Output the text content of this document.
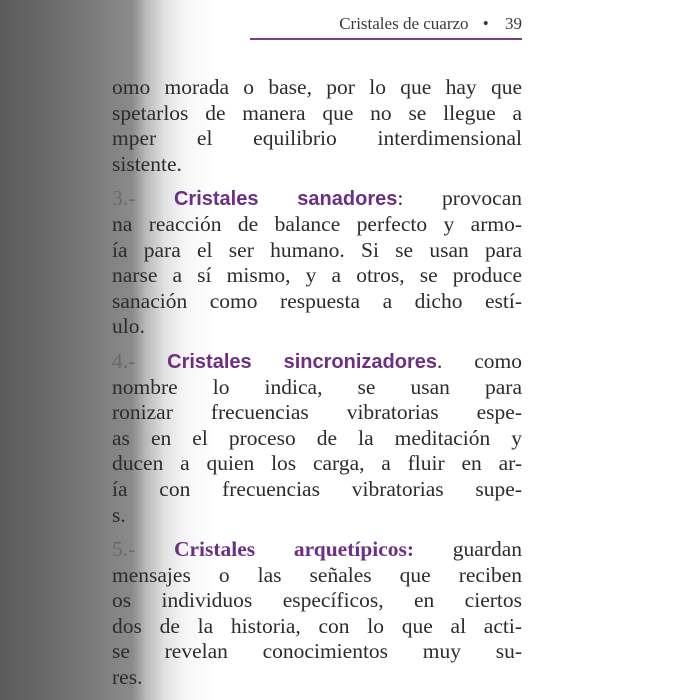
Cristales de cuarzo • 39
omo morada o base, por lo que hay que
spetarlos de manera que no se llegue a
mper el equilibrio interdimensional
sistente.
3.- Cristales sanadores: provocan
na reacción de balance perfecto y armo-
ía para el ser humano. Si se usan para
narse a sí mismo, y a otros, se produce
sanación como respuesta a dicho estí-
ulo.
4.- Cristales sincronizadores. como
nombre lo indica, se usan para
ronizar frecuencias vibratorias espe-
as en el proceso de la meditación y
ducen a quien los carga, a fluir en ar-
ía con frecuencias vibratorias supe-
s.
5.- Cristales arquetípicos: guardan
mensajes o las señales que reciben
os individuos específicos, en ciertos
dos de la historia, con lo que al acti-
se revelan conocimientos muy su-
res.
